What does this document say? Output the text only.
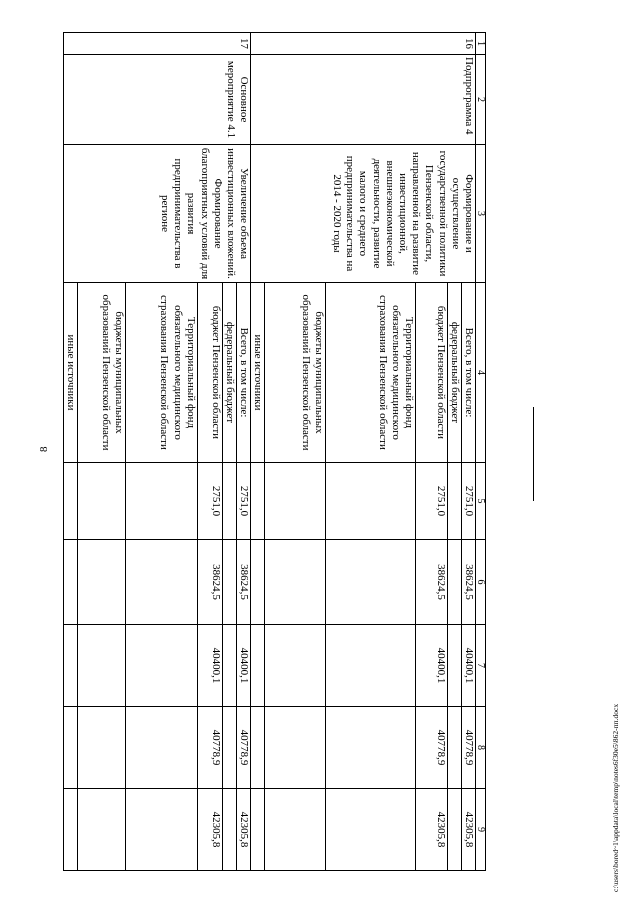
8
1	2	3	4	5	6	7	8	9
16	Подпрограмма 4	Формирование и осуществление государственной политики Пензенской области, направленной на развитие инвестиционной, внешнеэкономической деятельности, развитие малого и среднего предпринимательства на 2014 - 2020 годы	Всего, в том числе:	2751,0	38624,5	40400,1	40778,9	42305,8
			федеральный бюджет					
			бюджет Пензенской области	2751,0	38624,5	40400,1	40778,9	42305,8
			Территориальный фонд обязательного медицинского страхования Пензенской области					
			бюджеты муниципальных образований Пензенской области					
			иные источники					
17	Основное мероприятие 4.1	Увеличение объема инвестиционных вложений. Формирование благоприятных условий для развития предпринимательства в регионе	Всего, в том числе:	2751,0	38624,5	40400,1	40778,9	42305,8
			федеральный бюджет					
			бюджет Пензенской области	2751,0	38624,5	40400,1	40778,9	42305,8
			Территориальный фонд обязательного медицинского страхования Пензенской области					
			бюджеты муниципальных образований Пензенской области					
			иные источники					
c:\users\bored~1\appdata\local\temp\notes6f30e5\862-пп.docx
